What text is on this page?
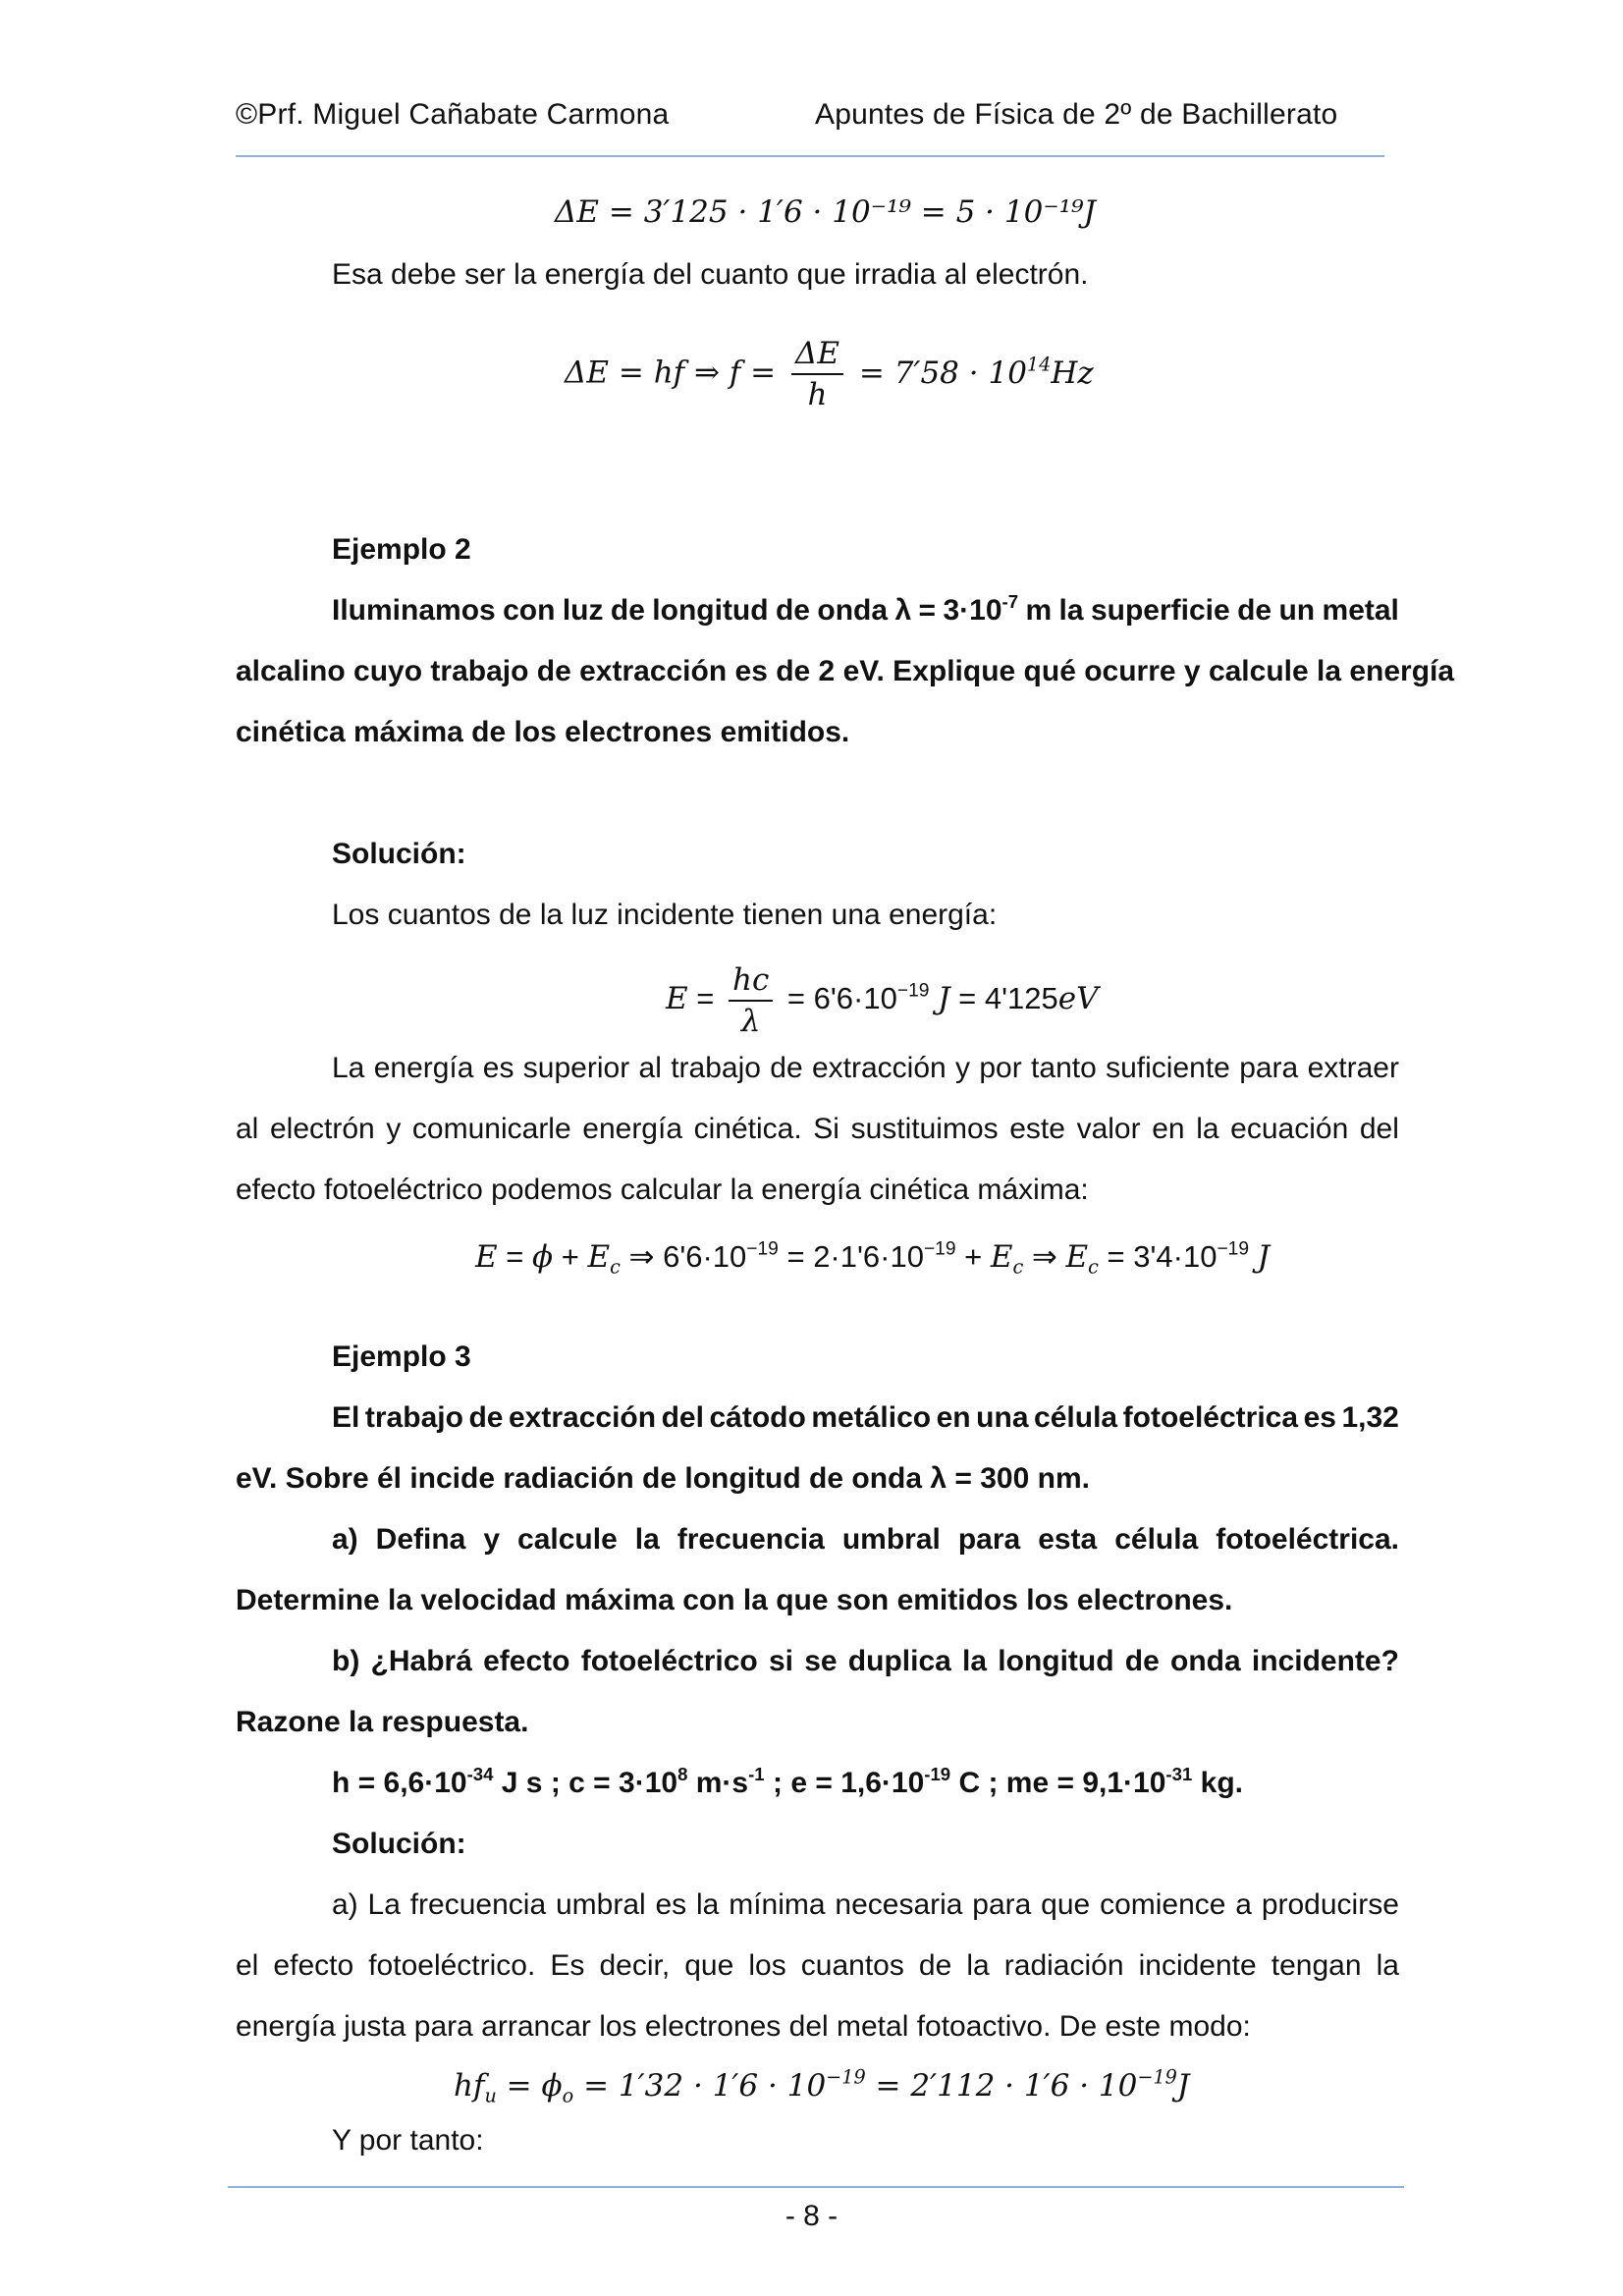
©Prf. Miguel Cañabate Carmona	Apuntes de Física de 2º de Bachillerato
ΔE = 3′125 · 1′6 · 10⁻¹⁹ = 5 · 10⁻¹⁹J
Esa debe ser la energía del cuanto que irradia al electrón.
ΔE = hf ⇒ $f = \frac{\Delta E}{h} = 7'58 \cdot 10^{14}Hz$
Ejemplo 2
Iluminamos con luz de longitud de onda $\lambda = 3\cdot 10^{-7}$ m la superficie de un metal
alcalino cuyo trabajo de extracción es de 2 eV. Explique qué ocurre y calcule la energía
cinética máxima de los electrones emitidos.
Solución:
Los cuantos de la luz incidente tienen una energía:
$E = \frac{hc}{\lambda} = 6'6\cdot 10^{-19}$ J = 4'125eV
La energía es superior al trabajo de extracción y por tanto suficiente para extraer
al electrón y comunicarle energía cinética. Si sustituimos este valor en la ecuación del
efecto fotoeléctrico podemos calcular la energía cinética máxima:
$E = \phi + E_c$ ⇒ $6'6\cdot 10^{-19} = 2\cdot 1'6\cdot 10^{-19} + E_c$ ⇒ $E_c = 3'4\cdot 10^{-19}$ J
Ejemplo 3
El trabajo de extracción del cátodo metálico en una célula fotoeléctrica es 1,32
eV. Sobre él incide radiación de longitud de onda λ = 300 nm.
a) Defina y calcule la frecuencia umbral para esta célula fotoeléctrica.
Determine la velocidad máxima con la que son emitidos los electrones.
b) ¿Habrá efecto fotoeléctrico si se duplica la longitud de onda incidente?
Razone la respuesta.
$h = 6,6\cdot 10^{-34}$ J s ; $c = 3\cdot 10^8$ $m\cdot s^{-1}$ ; $e = 1,6\cdot 10^{-19}$ C ; me = $9,1\cdot 10^{-31}$ kg.
Solución:
a) La frecuencia umbral es la mínima necesaria para que comience a producirse
el efecto fotoeléctrico. Es decir, que los cuantos de la radiación incidente tengan la
energía justa para arrancar los electrones del metal fotoactivo. De este modo:
$hf_u = \phi_o = 1'32 \cdot 1'6 \cdot 10^{-19} = 2'112 \cdot 1'6 \cdot 10^{-19}J$
Y por tanto:
- 8 -
